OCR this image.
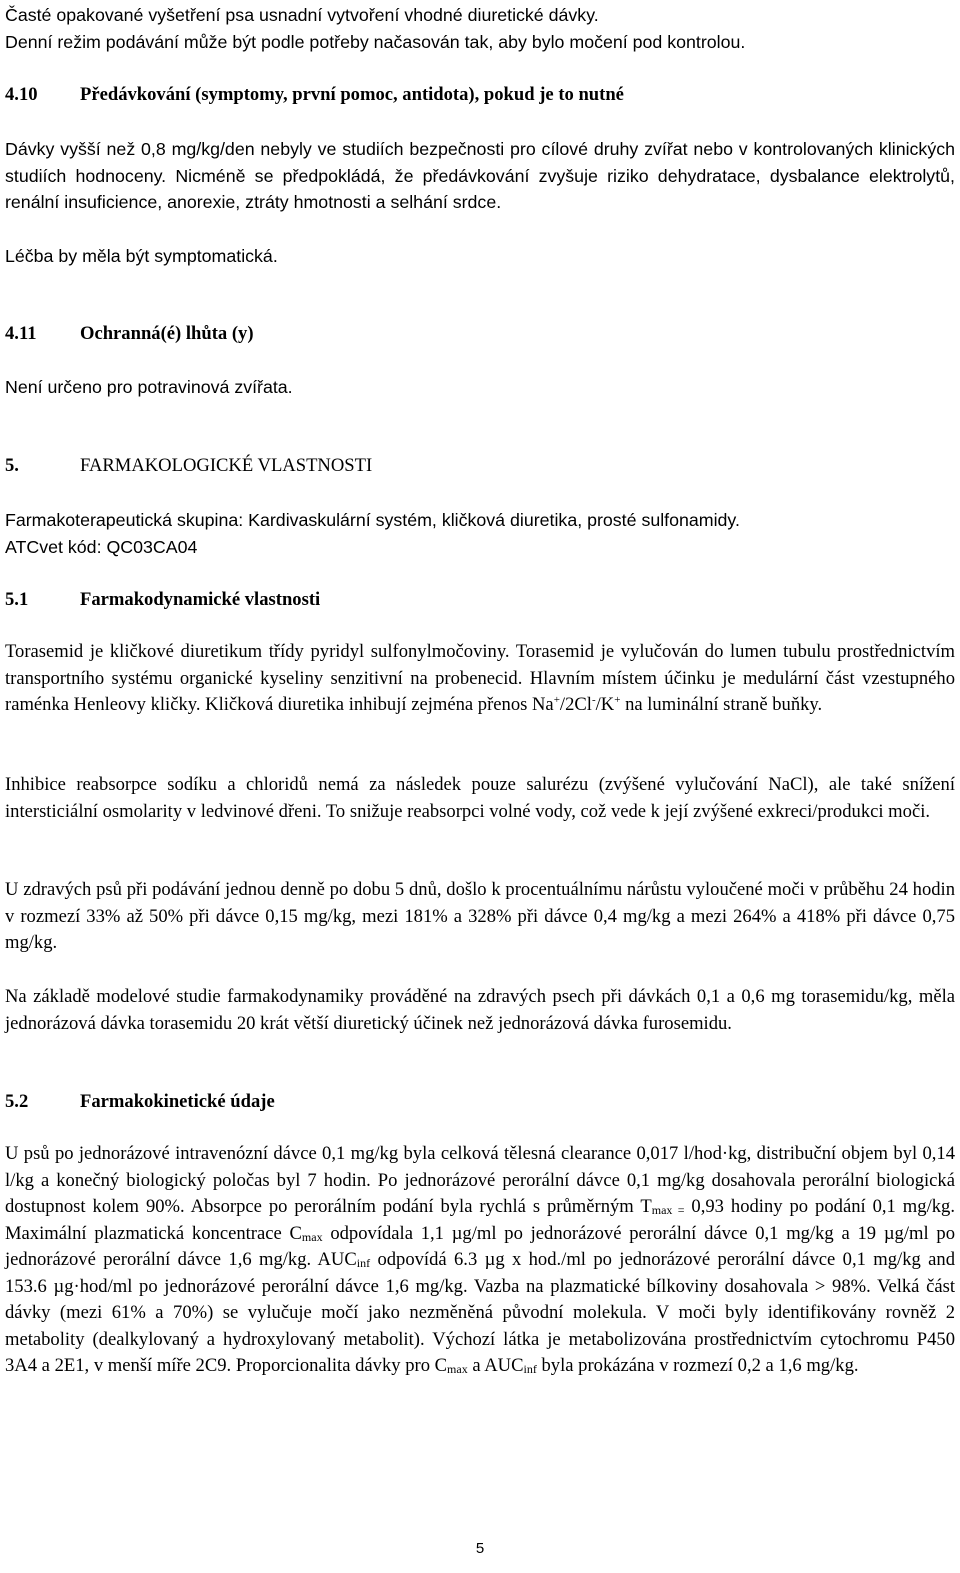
Časté opakované vyšetření psa usnadní vytvoření vhodné diuretické dávky.
Denní režim podávání může být podle potřeby načasován tak, aby bylo močení pod kontrolou.

4.10 Předávkování (symptomy, první pomoc, antidota), pokud je to nutné

Dávky vyšší než 0,8 mg/kg/den nebyly ve studiích bezpečnosti pro cílové druhy zvířat nebo v kontrolovaných klinických studiích hodnoceny. Nicméně se předpokládá, že předávkování zvyšuje riziko dehydratace, dysbalance elektrolytů, renální insuficience, anorexie, ztráty hmotnosti a selhání srdce.

Léčba by měla být symptomatická.

4.11 Ochranná(é) lhůta (y)

Není určeno pro potravinová zvířata.

5.	FARMAKOLOGICKÉ VLASTNOSTI

Farmakoterapeutická skupina: Kardivaskulární systém, kličková diuretika, prosté sulfonamidy.
ATCvet kód: QC03CA04

5.1	Farmakodynamické vlastnosti

Torasemid je kličkové diuretikum třídy pyridyl sulfonylmočoviny. Torasemid je vylučován do lumen tubulu prostřednictvím transportního systému organické kyseliny senzitivní na probenecid. Hlavním místem účinku je medulární část vzestupného raménka Henleovy kličky. Kličková diuretika inhibují zejména přenos Na+/2Cl-/K+ na luminální straně buňky.

Inhibice reabsorpce sodíku a chloridů nemá za následek pouze salurézu (zvýšené vylučování NaCl), ale také snížení intersticiální osmolarity v ledvinové dřeni. To snižuje reabsorpci volné vody, což vede k její zvýšené exkreci/produkci moči.

U zdravých psů při podávání jednou denně po dobu 5 dnů, došlo k procentuálnímu nárůstu vyloučené moči v průběhu 24 hodin v rozmezí 33% až 50% při dávce 0,15 mg/kg, mezi 181% a 328% při dávce 0,4 mg/kg a mezi 264% a 418% při dávce 0,75 mg/kg.

Na základě modelové studie farmakodynamiky prováděné na zdravých psech při dávkách 0,1 a 0,6 mg torasemidu/kg, měla jednorázová dávka torasemidu 20 krát větší diuretický účinek než jednorázová dávka furosemidu.

5.2	Farmakokinetické údaje

U psů po jednorázové intravenózní dávce 0,1 mg/kg byla celková tělesná clearance 0,017 l/hod·kg, distribuční objem byl 0,14 l/kg a konečný biologický poločas byl 7 hodin. Po jednorázové perorální dávce 0,1 mg/kg dosahovala perorální biologická dostupnost kolem 90%. Absorpce po perorálním podání byla rychlá s průměrným $T_{max =}$ 0,93 hodiny po podání 0,1 mg/kg. Maximální plazmatická koncentrace $C_{max}$ odpovídala 1,1 µg/ml po jednorázové perorální dávce 0,1 mg/kg a 19 µg/ml po jednorázové perorální dávce 1,6 mg/kg. $AUC_{inf}$ odpovídá 6.3 µg x hod./ml po jednorázové perorální dávce 0,1 mg/kg and 153.6 µg·hod/ml po jednorázové perorální dávce 1,6 mg/kg. Vazba na plazmatické bílkoviny dosahovala > 98%. Velká část dávky (mezi 61% a 70%) se vylučuje močí jako nezměněná původní molekula. V moči byly identifikovány rovněž 2 metabolity (dealkylovaný a hydroxylovaný metabolit). Výchozí látka je metabolizována prostřednictvím cytochromu P450 3A4 a 2E1, v menší míře 2C9. Proporcionalita dávky pro $C_{max}$ a $AUC_{inf}$ byla prokázána v rozmezí 0,2 a 1,6 mg/kg.

5
